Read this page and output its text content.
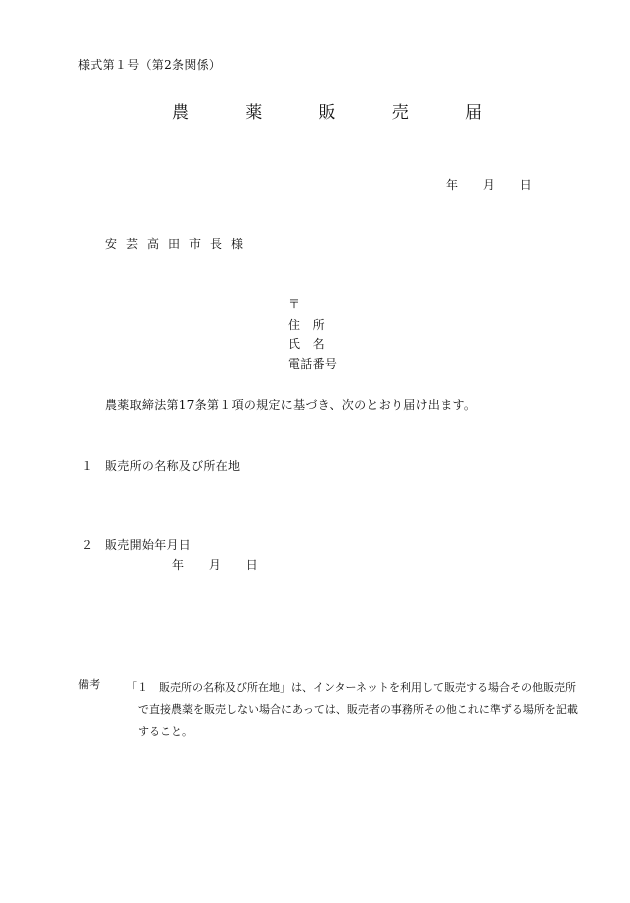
様式第１号（第2条関係）
農	薬	販	売	届
年　　月　　日
安芸高田市長様
〒
住　所
氏　名
電話番号
農薬取締法第17条第１項の規定に基づき、次のとおり届け出ます。
１ 販売所の名称及び所在地
２ 販売開始年月日
年　　月　　日
備考 「１　販売所の名称及び所在地」は、インターネットを利用して販売する場合その他販売所で直接農薬を販売しない場合にあっては、販売者の事務所その他これに準ずる場所を記載すること。
